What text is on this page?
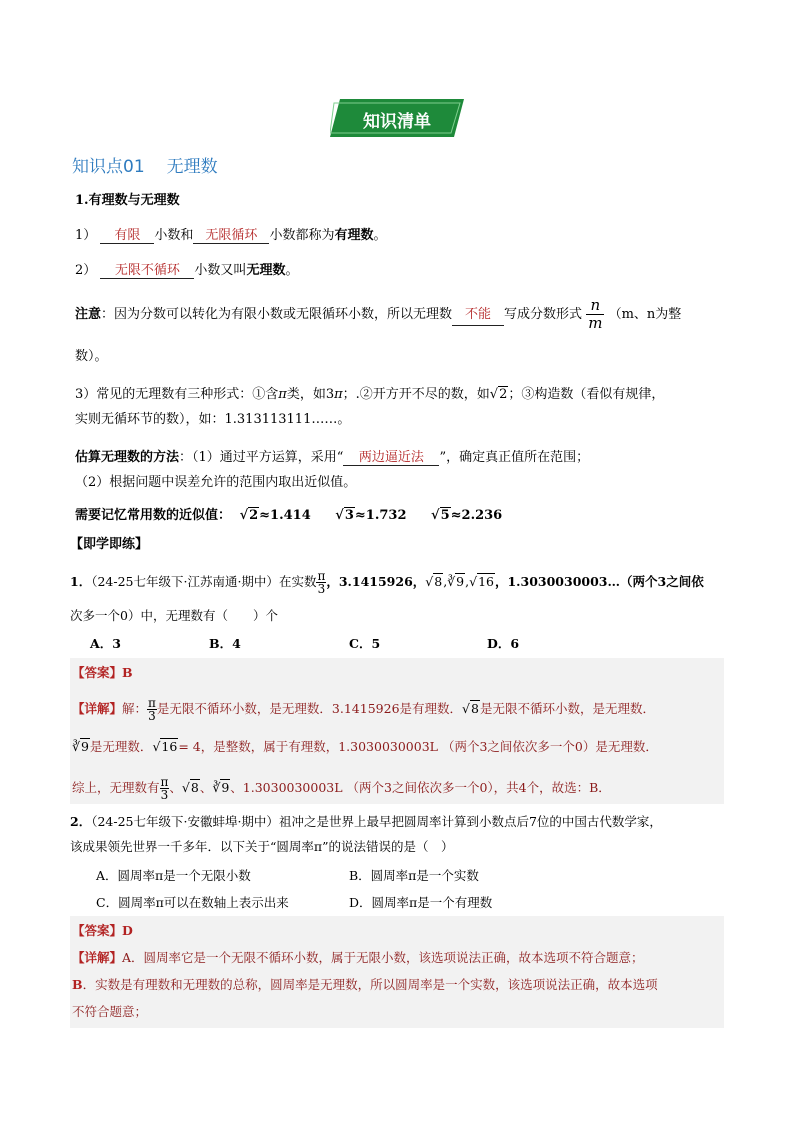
知识清单
知识点01 无理数
1.有理数与无理数
1） 有限 小数和 无限循环 小数都称为有理数。
2） 无限不循环 小数又叫无理数。
注意：因为分数可以转化为有限小数或无限循环小数，所以无理数 不能 写成分数形式 $\frac{n}{m} (m$、n为整
数）。
3）常见的无理数有三种形式：①含π类，如3π；.②开方开不尽的数，如√2；③构造数（看似有规律，
实则无循环节的数），如：1.313113111……。
估算无理数的方法：（1）通过平方运算，采用“ 两边逼近法 ”，确定真正值所在范围；
（2）根据问题中误差允许的范围内取出近似值。
需要记忆常用数的近似值： √2≈1.414 √3≈1.732 √5≈2.236
【即学即练】
1．（24-25七年级下·江苏南通·期中）在实数 $\frac{\pi}{3}$ ，3.1415926，√8,∛9,√16，1.3030030003…（两个3之间依
次多一个0）中，无理数有（　　）个
A．3	B．4	C．5	D．6
【答案】B
【详解】解： $\frac{\pi}{3}$ 是无限不循环小数，是无理数．3.1415926是有理数．√8是无限不循环小数，是无理数．
∛9是无理数．√16= 4，是整数，属于有理数，1.3030030003L （两个3之间依次多一个0）是无理数．
综上，无理数有 $\frac{\pi}{3}$ 、√8、∛9、1.3030030003L （两个3之间依次多一个0），共4个，故选：B．
2．（24-25七年级下·安徽蚌埠·期中）祖冲之是世界上最早把圆周率计算到小数点后7位的中国古代数学家，
该成果领先世界一千多年．以下关于“圆周率π”的说法错误的是（　）
A．圆周率π是一个无限小数	B．圆周率π是一个实数
C．圆周率π可以在数轴上表示出来	D．圆周率π是一个有理数
【答案】D
【详解】A．圆周率它是一个无限不循环小数，属于无限小数，该选项说法正确，故本选项不符合题意；
B．实数是有理数和无理数的总称，圆周率是无理数，所以圆周率是一个实数，该选项说法正确，故本选项
不符合题意；
